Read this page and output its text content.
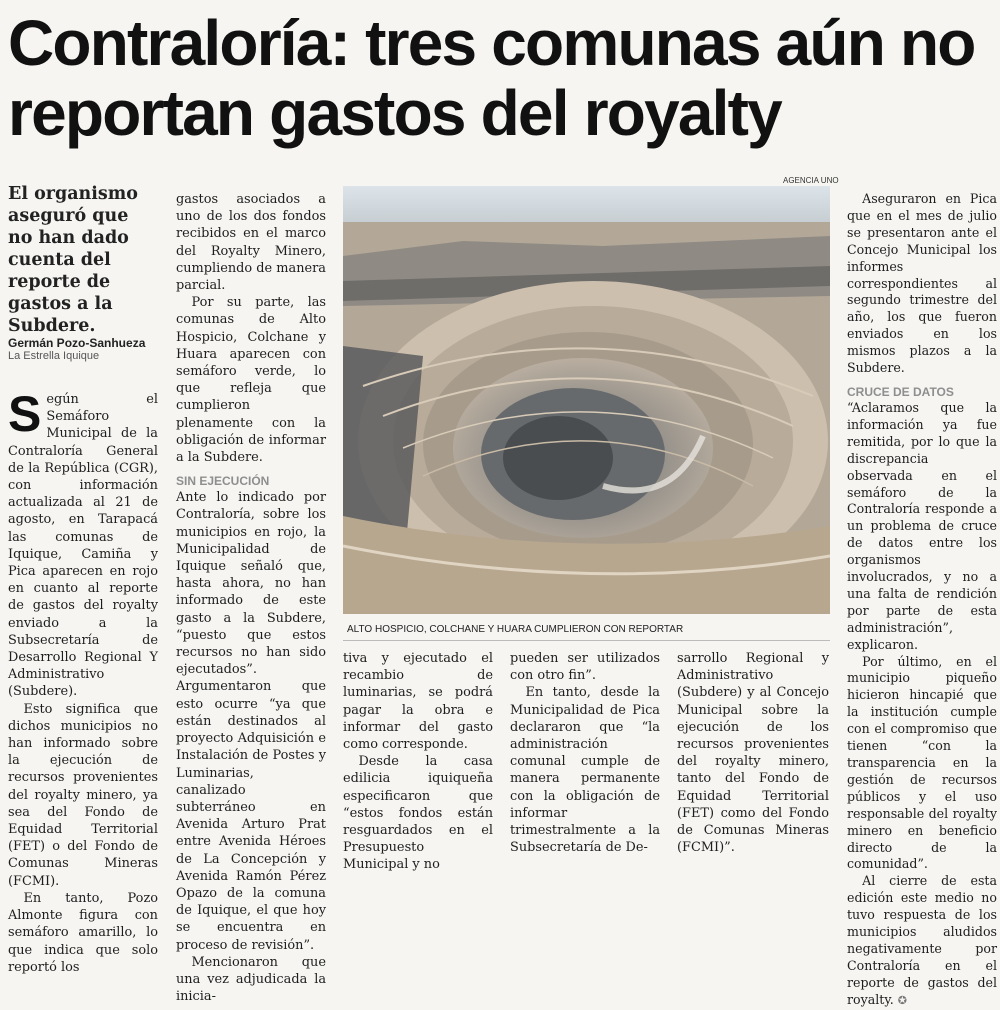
Contraloría: tres comunas aún no reportan gastos del royalty
El organismo aseguró que no han dado cuenta del reporte de gastos a la Subdere.
Germán Pozo-Sanhueza
La Estrella Iquique
S egún el Semáforo Municipal de la Contraloría General de la República (CGR), con información actualizada al 21 de agosto, en Tarapacá las comunas de Iquique, Camiña y Pica aparecen en rojo en cuanto al reporte de gastos del royalty enviado a la Subsecretaría de Desarrollo Regional Y Administrativo (Subdere).

Esto significa que dichos municipios no han informado sobre la ejecución de recursos provenientes del royalty minero, ya sea del Fondo de Equidad Territorial (FET) o del Fondo de Comunas Mineras (FCMI).

En tanto, Pozo Almonte figura con semáforo amarillo, lo que indica que solo reportó los

gastos asociados a uno de los dos fondos recibidos en el marco del Royalty Minero, cumpliendo de manera parcial.

Por su parte, las comunas de Alto Hospicio, Colchane y Huara aparecen con semáforo verde, lo que refleja que cumplieron plenamente con la obligación de informar a la Subdere.

SIN EJECUCIÓN

Ante lo indicado por Contraloría, sobre los municipios en rojo, la Municipalidad de Iquique señaló que, hasta ahora, no han informado de este gasto a la Subdere, “puesto que estos recursos no han sido ejecutados”.

Argumentaron que esto ocurre “ya que están destinados al proyecto Adquisición e Instalación de Postes y Luminarias, canalizado subterráneo en Avenida Arturo Prat entre Avenida Héroes de La Concepción y Avenida Ramón Pérez Opazo de la comuna de Iquique, el que hoy se encuentra en proceso de revisión”.

Mencionaron que una vez adjudicada la inicia-

AGENCIA UNO
ALTO HOSPICIO, COLCHANE Y HUARA CUMPLIERON CON REPORTAR

tiva y ejecutado el recambio de luminarias, se podrá pagar la obra e informar del gasto como corresponde.

Desde la casa edilicia iquiqueña especificaron que “estos fondos están resguardados en el Presupuesto Municipal y no

pueden ser utilizados con otro fin”.

En tanto, desde la Municipalidad de Pica declararon que “la administración comunal cumple de manera permanente con la obligación de informar trimestralmente a la Subsecretaría de De-

sarrollo Regional y Administrativo (Subdere) y al Concejo Municipal sobre la ejecución de los recursos provenientes del royalty minero, tanto del Fondo de Equidad Territorial (FET) como del Fondo de Comunas Mineras (FCMI)”.

Aseguraron en Pica que en el mes de julio se presentaron ante el Concejo Municipal los informes correspondientes al segundo trimestre del año, los que fueron enviados en los mismos plazos a la Subdere.

CRUCE DE DATOS

“Aclaramos que la información ya fue remitida, por lo que la discrepancia observada en el semáforo de la Contraloría responde a un problema de cruce de datos entre los organismos involucrados, y no a una falta de rendición por parte de esta administración”, explicaron.

Por último, en el municipio piqueño hicieron hincapié que la institución cumple con el compromiso que tienen “con la transparencia en la gestión de recursos públicos y el uso responsable del royalty minero en beneficio directo de la comunidad”.

Al cierre de esta edición este medio no tuvo respuesta de los municipios aludidos negativamente por Contraloría en el reporte de gastos del royalty. ✪
